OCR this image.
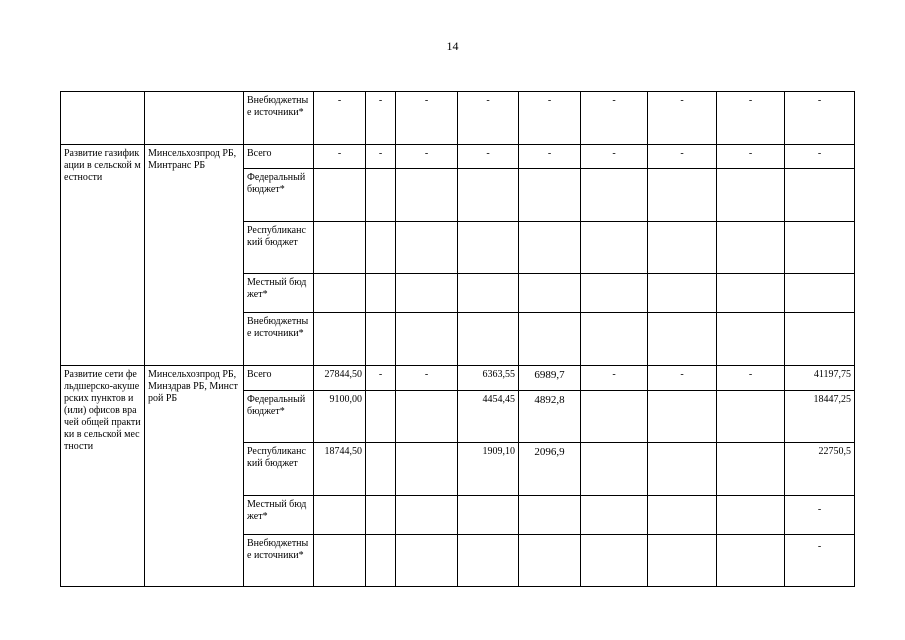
14
		Внебюджетные источники*	-	-	-	-	-	-	-	-	-
Развитие газификации в сельской местности	Минсельхозпрод РБ, Минтранс РБ	Всего	-	-	-	-	-	-	-	-	-
		Федеральный бюджет*									
		Республиканский бюджет									
		Местный бюджет*									
		Внебюджетные источники*									
Развитие сети фельдшерско-акушерских пунктов и (или) офисов врачей общей практики в сельской местности	Минсельхозпрод РБ, Минздрав РБ, Минстрой РБ	Всего	27844,50	-	-	6363,55	6989,7	-	-	-	41197,75
		Федеральный бюджет*	9100,00			4454,45	4892,8				18447,25
		Республиканский бюджет	18744,50			1909,10	2096,9				22750,5
		Местный бюджет*									-
		Внебюджетные источники*									-
